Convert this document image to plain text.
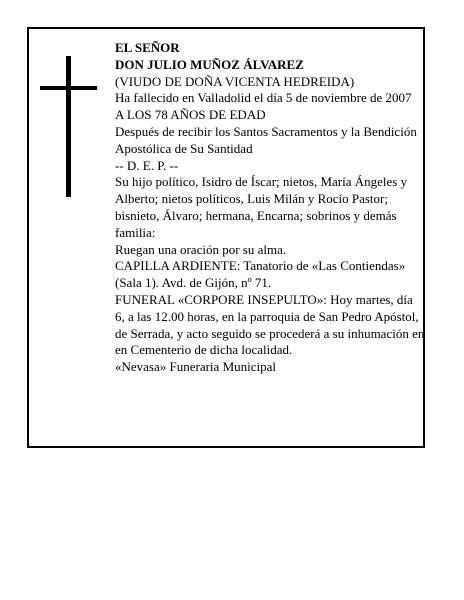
EL SEÑOR

DON JULIO MUÑOZ ÁLVAREZ

(VIUDO DE DOÑA VICENTA HEDREIDA)

Ha fallecido en Valladolid el día 5 de noviembre de 2007

A LOS 78 AÑOS DE EDAD

Después de recibir los Santos Sacramentos y la Bendición Apostólica de Su Santidad

-- D. E. P. --

Su hijo político, Isidro de Íscar; nietos, María Ángeles y Alberto; nietos políticos, Luis Milán y Rocío Pastor; bisnieto, Álvaro; hermana, Encarna; sobrinos y demás familia:

Ruegan una oración por su alma.

CAPILLA ARDIENTE: Tanatorio de «Las Contiendas» (Sala 1). Avd. de Gijón, nº 71.

FUNERAL «CORPORE INSEPULTO»: Hoy martes, día 6, a las 12.00 horas, en la parroquia de San Pedro Apóstol, de Serrada, y acto seguido se procederá a su inhumación en en Cementerio de dicha localidad.

«Nevasa» Funeraria Municipal
